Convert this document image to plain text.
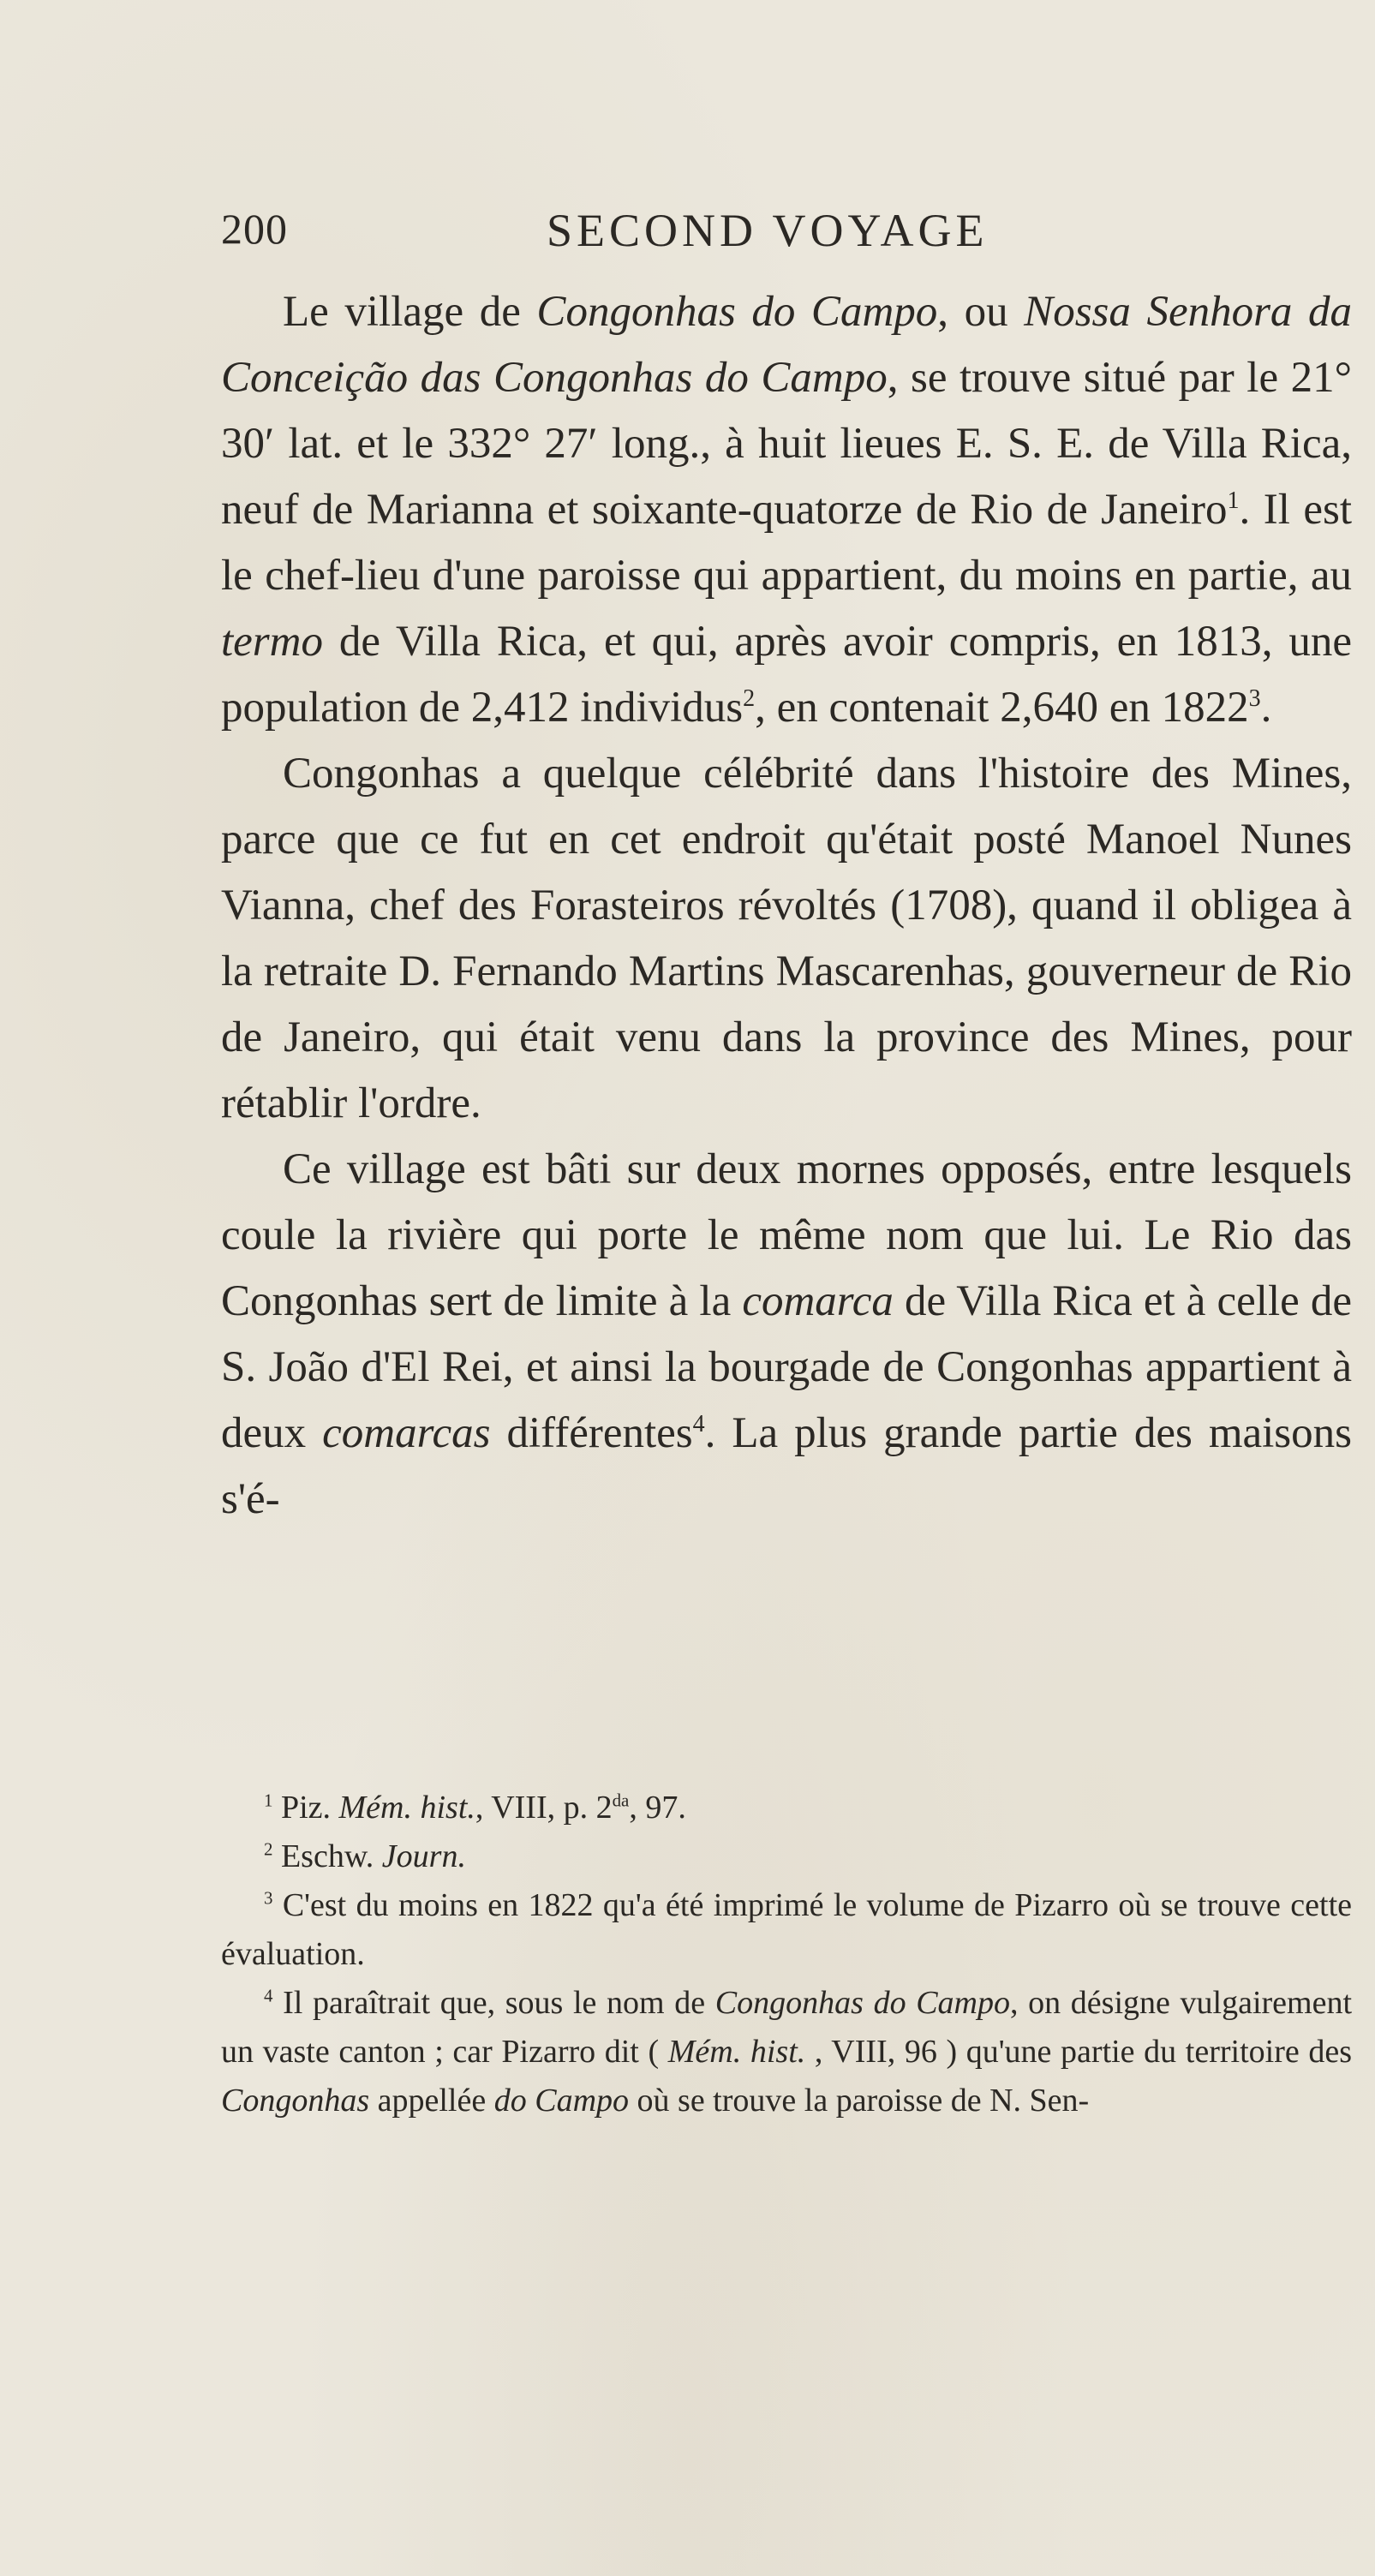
200	SECOND VOYAGE

Le village de Congonhas do Campo, ou Nossa Senhora da Conceição das Congonhas do Campo, se trouve situé par le 21° 30′ lat. et le 332° 27′ long., à huit lieues E. S. E. de Villa Rica, neuf de Marianna et soixante-quatorze de Rio de Janeiro$^1$. Il est le chef-lieu d'une paroisse qui appartient, du moins en partie, au termo de Villa Rica, et qui, après avoir compris, en 1813, une population de 2,412 individus$^2$, en contenait 2,640 en 1822$^3$.

Congonhas a quelque célébrité dans l'histoire des Mines, parce que ce fut en cet endroit qu'était posté Manoel Nunes Vianna, chef des Forasteiros révoltés (1708), quand il obligea à la retraite D. Fernando Martins Mascarenhas, gouverneur de Rio de Janeiro, qui était venu dans la province des Mines, pour rétablir l'ordre.

Ce village est bâti sur deux mornes opposés, entre lesquels coule la rivière qui porte le même nom que lui. Le Rio das Congonhas sert de limite à la comarca de Villa Rica et à celle de S. João d'El Rei, et ainsi la bourgade de Congonhas appartient à deux comarcas différentes$^4$. La plus grande partie des maisons s'é-

$^1$ Piz. Mém. hist., VIII, p. $2^{da}$, 97.

$^2$ Eschw. Journ.

$^3$ C'est du moins en 1822 qu'a été imprimé le volume de Pizarro où se trouve cette évaluation.

$^4$ Il paraîtrait que, sous le nom de Congonhas do Campo, on désigne vulgairement un vaste canton ; car Pizarro dit ( Mém. hist. , VIII, 96 ) qu'une partie du territoire des Congonhas appellée do Campo où se trouve la paroisse de N. Sen-
